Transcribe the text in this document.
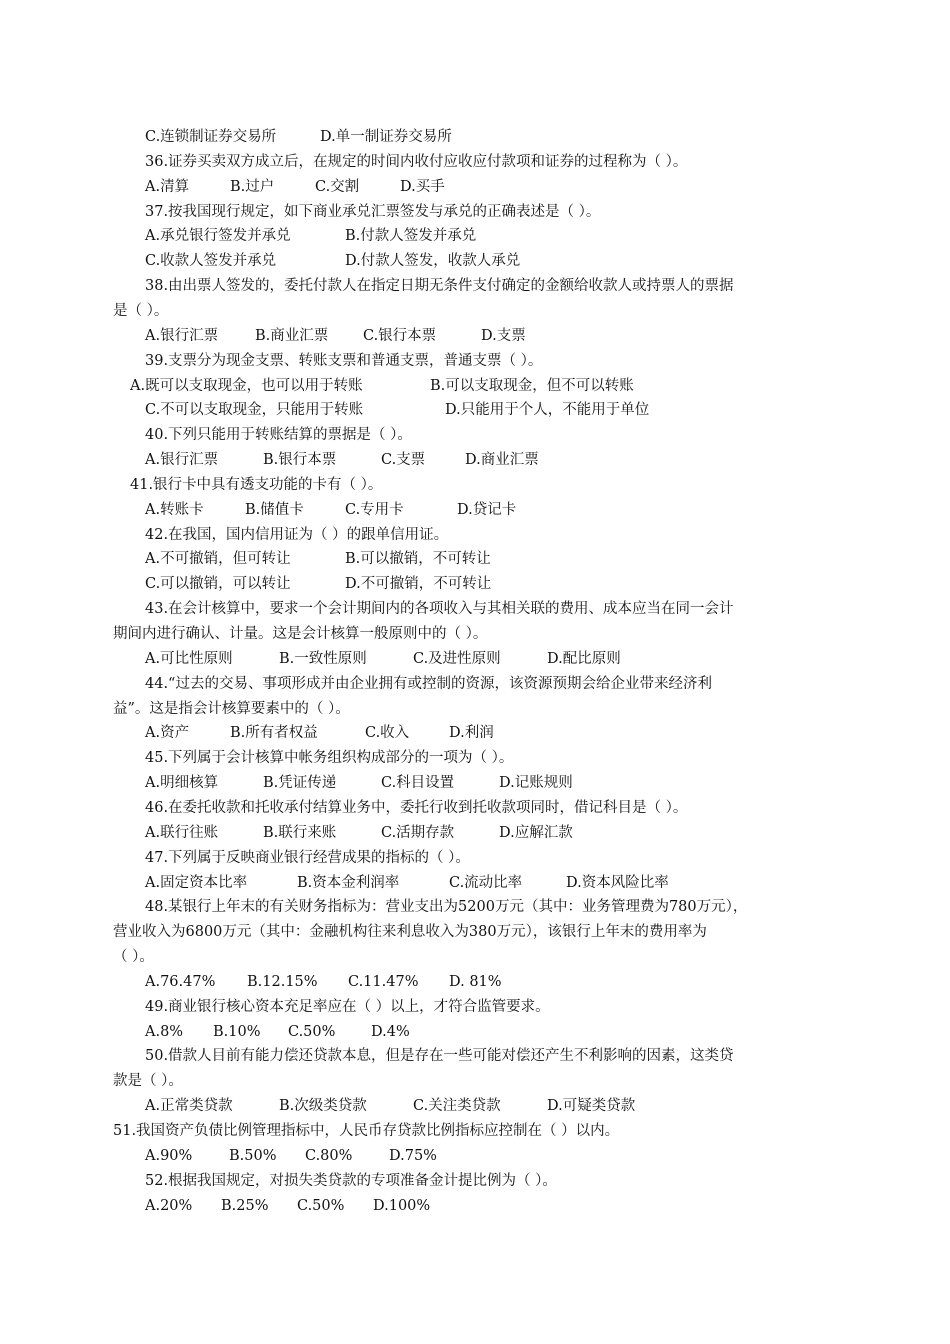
C.连锁制证券交易所	D.单一制证券交易所
36.证券买卖双方成立后，在规定的时间内收付应收应付款项和证券的过程称为（ ）。
A.清算	B.过户	C.交割	D.买手
37.按我国现行规定，如下商业承兑汇票签发与承兑的正确表述是（ ）。
A.承兑银行签发并承兑	B.付款人签发并承兑
C.收款人签发并承兑	D.付款人签发，收款人承兑
38.由出票人签发的，委托付款人在指定日期无条件支付确定的金额给收款人或持票人的票据
是（ ）。
A.银行汇票	B.商业汇票 C.银行本票	D.支票
39.支票分为现金支票、转账支票和普通支票，普通支票（ ）。
A.既可以支取现金，也可以用于转账	B.可以支取现金，但不可以转账
C.不可以支取现金，只能用于转账	D.只能用于个人，不能用于单位
40.下列只能用于转账结算的票据是（ ）。
A.银行汇票	B.银行本票	C.支票	D.商业汇票
41.银行卡中具有透支功能的卡有（ ）。
A.转账卡	B.储值卡	C.专用卡	D.贷记卡
42.在我国，国内信用证为（ ）的跟单信用证。
A.不可撤销，但可转让	B.可以撤销，不可转让
C.可以撤销，可以转让	D.不可撤销，不可转让
43.在会计核算中，要求一个会计期间内的各项收入与其相关联的费用、成本应当在同一会计
期间内进行确认、计量。这是会计核算一般原则中的（ ）。
A.可比性原则	B.一致性原则	C.及进性原则	D.配比原则
44.“过去的交易、事项形成并由企业拥有或控制的资源，该资源预期会给企业带来经济利
益”。这是指会计核算要素中的（ ）。
A.资产	B.所有者权益	C.收入	D.利润
45.下列属于会计核算中帐务组织构成部分的一项为（ ）。
A.明细核算	B.凭证传递	C.科目设置	D.记账规则
46.在委托收款和托收承付结算业务中，委托行收到托收款项同时，借记科目是（ ）。
A.联行往账	B.联行来账	C.活期存款	D.应解汇款
47.下列属于反映商业银行经营成果的指标的（ ）。
A.固定资本比率	B.资本金利润率	C.流动比率	D.资本风险比率
48.某银行上年末的有关财务指标为：营业支出为5200万元（其中：业务管理费为780万元），
营业收入为6800万元（其中：金融机构往来利息收入为380万元），该银行上年末的费用率为
（ ）。
A.76.47% B.12.15% C.11.47% D. 81%
49.商业银行核心资本充足率应在（ ）以上，才符合监管要求。
A.8% B.10% C.50% D.4%
50.借款人目前有能力偿还贷款本息，但是存在一些可能对偿还产生不利影响的因素，这类贷
款是（ ）。
A.正常类贷款	B.次级类贷款	C.关注类贷款	D.可疑类贷款
51.我国资产负债比例管理指标中，人民币存贷款比例指标应控制在（ ）以内。
A.90%	B.50% C.80%	D.75%
52.根据我国规定，对损失类贷款的专项准备金计提比例为（ ）。
A.20% B.25% C.50% D.100%
